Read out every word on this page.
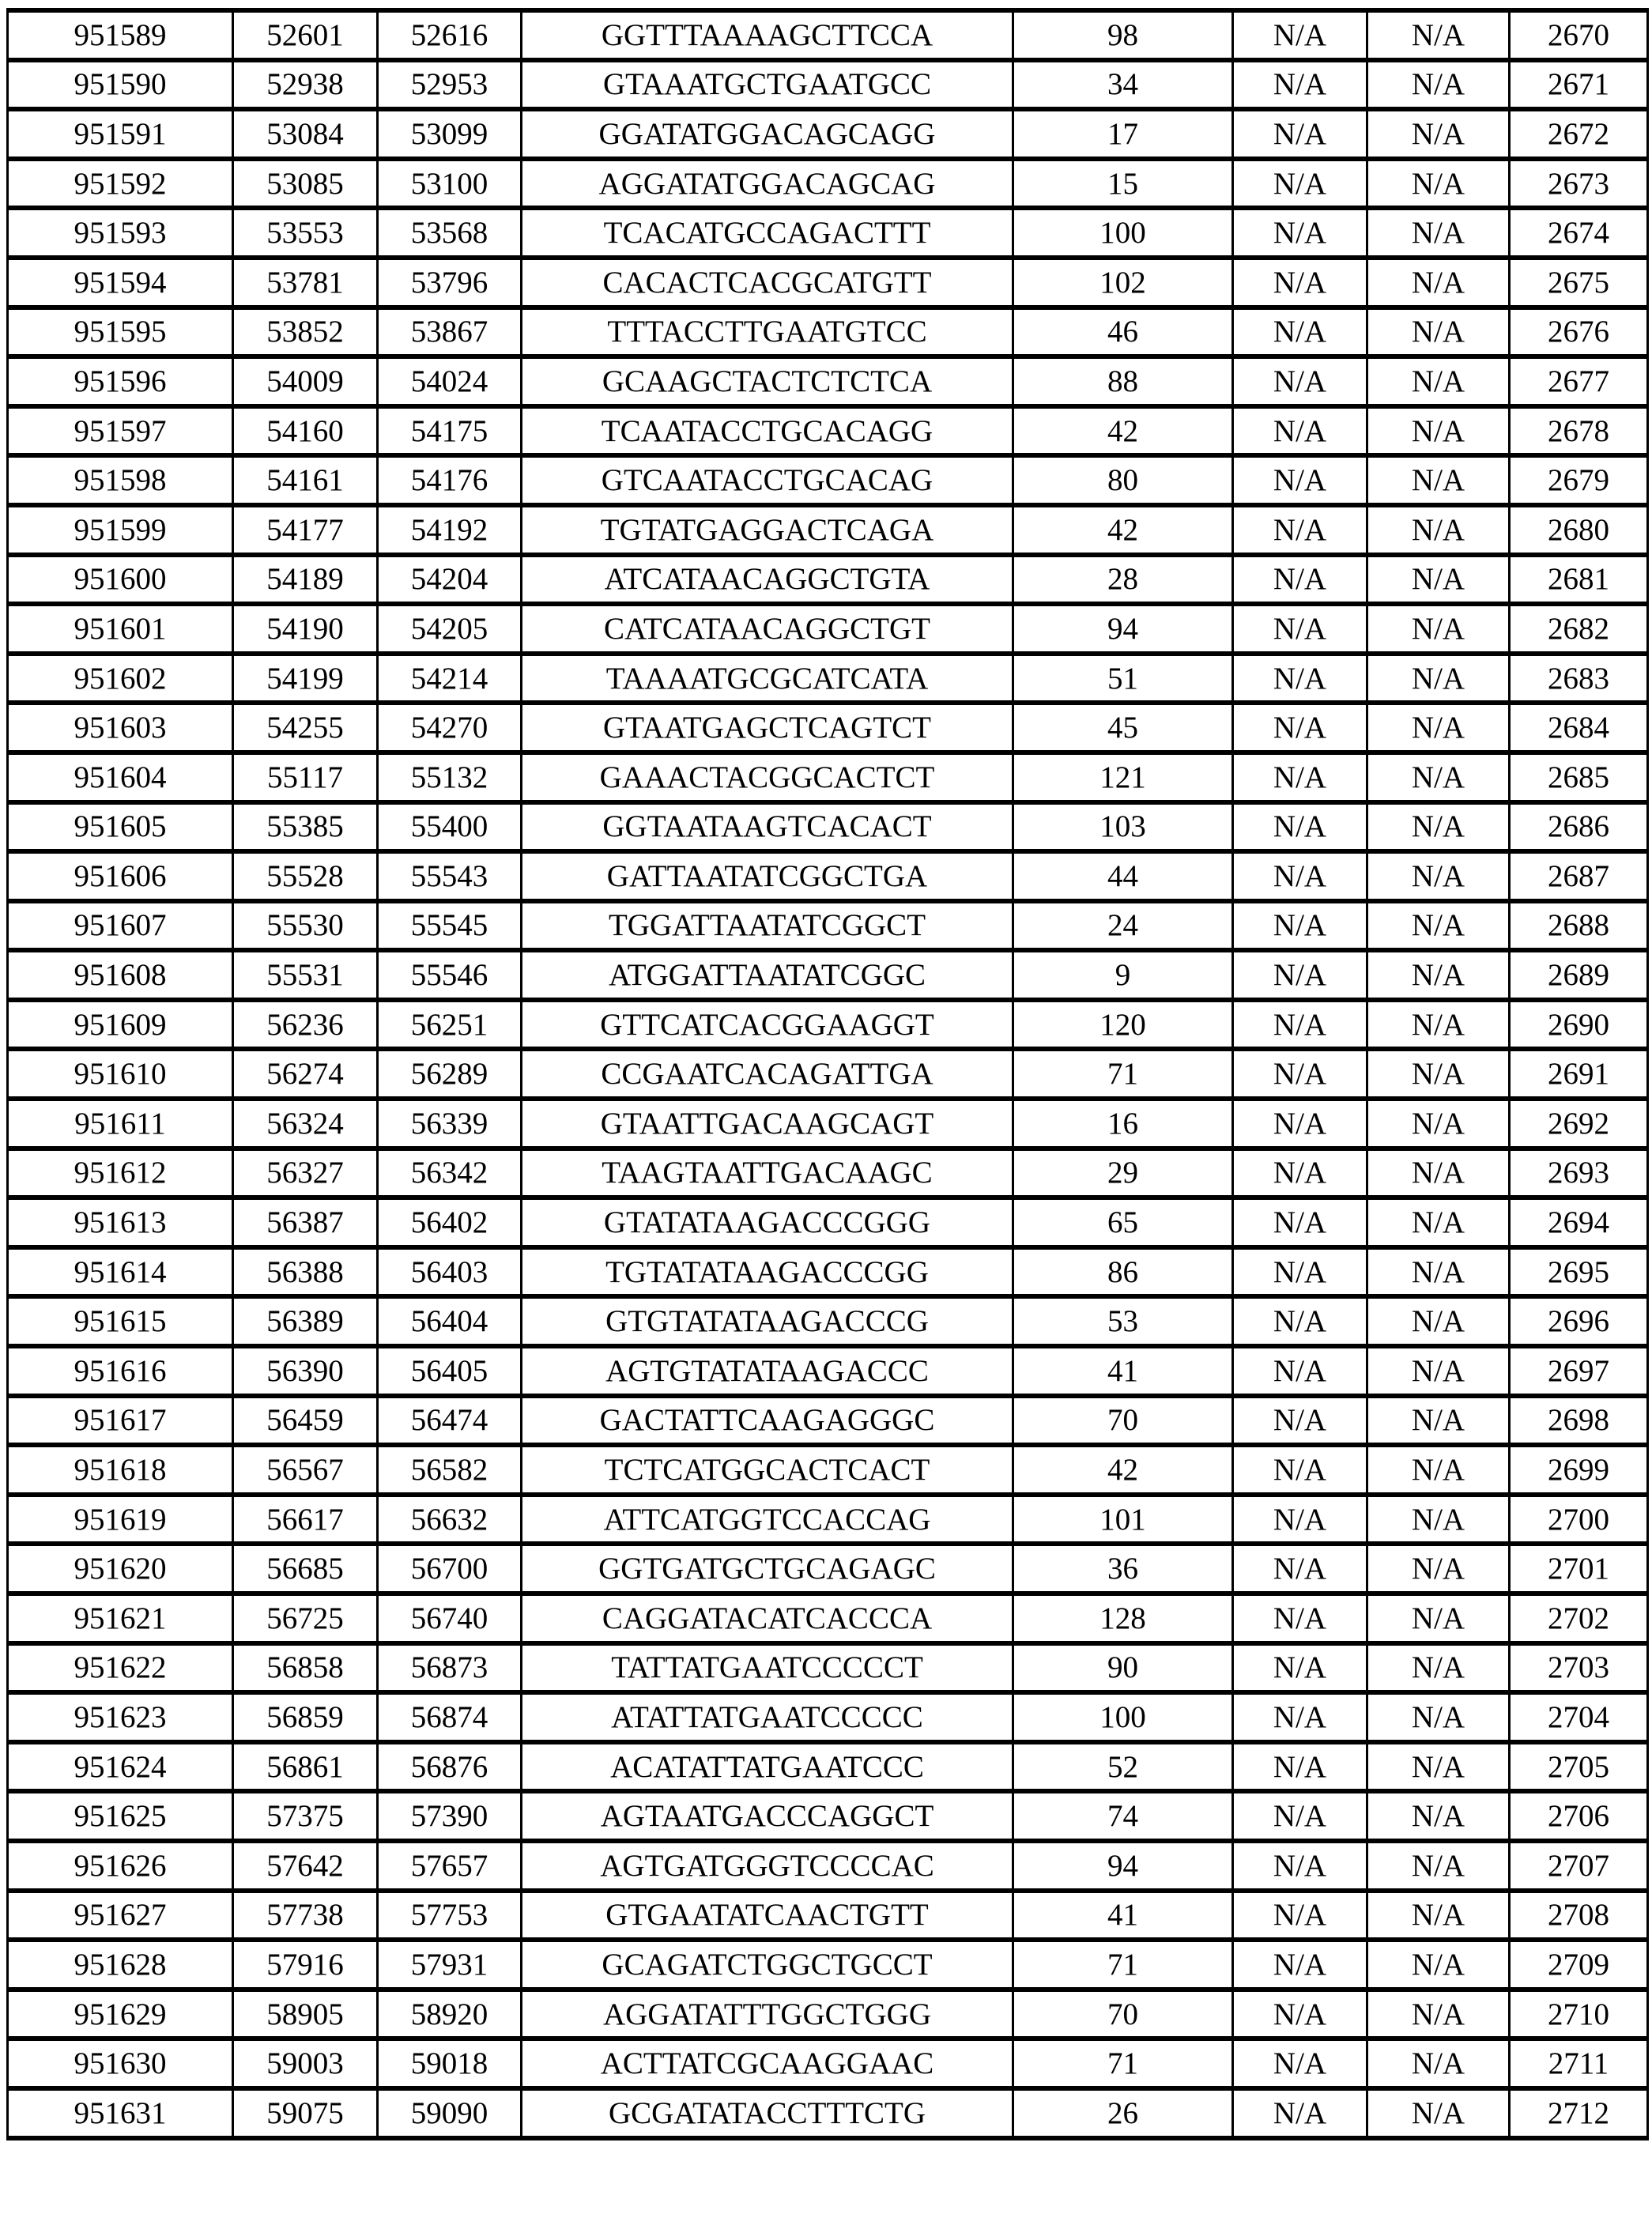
951589	52601	52616	GGTTTAAAAGCTTCCA	98	N/A	N/A	2670
951590	52938	52953	GTAAATGCTGAATGCC	34	N/A	N/A	2671
951591	53084	53099	GGATATGGACAGCAGG	17	N/A	N/A	2672
951592	53085	53100	AGGATATGGACAGCAG	15	N/A	N/A	2673
951593	53553	53568	TCACATGCCAGACTTT	100	N/A	N/A	2674
951594	53781	53796	CACACTCACGCATGTT	102	N/A	N/A	2675
951595	53852	53867	TTTACCTTGAATGTCC	46	N/A	N/A	2676
951596	54009	54024	GCAAGCTACTCTCTCA	88	N/A	N/A	2677
951597	54160	54175	TCAATACCTGCACAGG	42	N/A	N/A	2678
951598	54161	54176	GTCAATACCTGCACAG	80	N/A	N/A	2679
951599	54177	54192	TGTATGAGGACTCAGA	42	N/A	N/A	2680
951600	54189	54204	ATCATAACAGGCTGTA	28	N/A	N/A	2681
951601	54190	54205	CATCATAACAGGCTGT	94	N/A	N/A	2682
951602	54199	54214	TAAAATGCGCATCATA	51	N/A	N/A	2683
951603	54255	54270	GTAATGAGCTCAGTCT	45	N/A	N/A	2684
951604	55117	55132	GAAACTACGGCACTCT	121	N/A	N/A	2685
951605	55385	55400	GGTAATAAGTCACACT	103	N/A	N/A	2686
951606	55528	55543	GATTAATATCGGCTGA	44	N/A	N/A	2687
951607	55530	55545	TGGATTAATATCGGCT	24	N/A	N/A	2688
951608	55531	55546	ATGGATTAATATCGGC	9	N/A	N/A	2689
951609	56236	56251	GTTCATCACGGAAGGT	120	N/A	N/A	2690
951610	56274	56289	CCGAATCACAGATTGA	71	N/A	N/A	2691
951611	56324	56339	GTAATTGACAAGCAGT	16	N/A	N/A	2692
951612	56327	56342	TAAGTAATTGACAAGC	29	N/A	N/A	2693
951613	56387	56402	GTATATAAGACCCGGG	65	N/A	N/A	2694
951614	56388	56403	TGTATATAAGACCCGG	86	N/A	N/A	2695
951615	56389	56404	GTGTATATAAGACCCG	53	N/A	N/A	2696
951616	56390	56405	AGTGTATATAAGACCC	41	N/A	N/A	2697
951617	56459	56474	GACTATTCAAGAGGGC	70	N/A	N/A	2698
951618	56567	56582	TCTCATGGCACTCACT	42	N/A	N/A	2699
951619	56617	56632	ATTCATGGTCCACCAG	101	N/A	N/A	2700
951620	56685	56700	GGTGATGCTGCAGAGC	36	N/A	N/A	2701
951621	56725	56740	CAGGATACATCACCCA	128	N/A	N/A	2702
951622	56858	56873	TATTATGAATCCCCCT	90	N/A	N/A	2703
951623	56859	56874	ATATTATGAATCCCCC	100	N/A	N/A	2704
951624	56861	56876	ACATATTATGAATCCC	52	N/A	N/A	2705
951625	57375	57390	AGTAATGACCCAGGCT	74	N/A	N/A	2706
951626	57642	57657	AGTGATGGGTCCCCAC	94	N/A	N/A	2707
951627	57738	57753	GTGAATATCAACTGTT	41	N/A	N/A	2708
951628	57916	57931	GCAGATCTGGCTGCCT	71	N/A	N/A	2709
951629	58905	58920	AGGATATTTGGCTGGG	70	N/A	N/A	2710
951630	59003	59018	ACTTATCGCAAGGAAC	71	N/A	N/A	2711
951631	59075	59090	GCGATATACCTTTCTG	26	N/A	N/A	2712
